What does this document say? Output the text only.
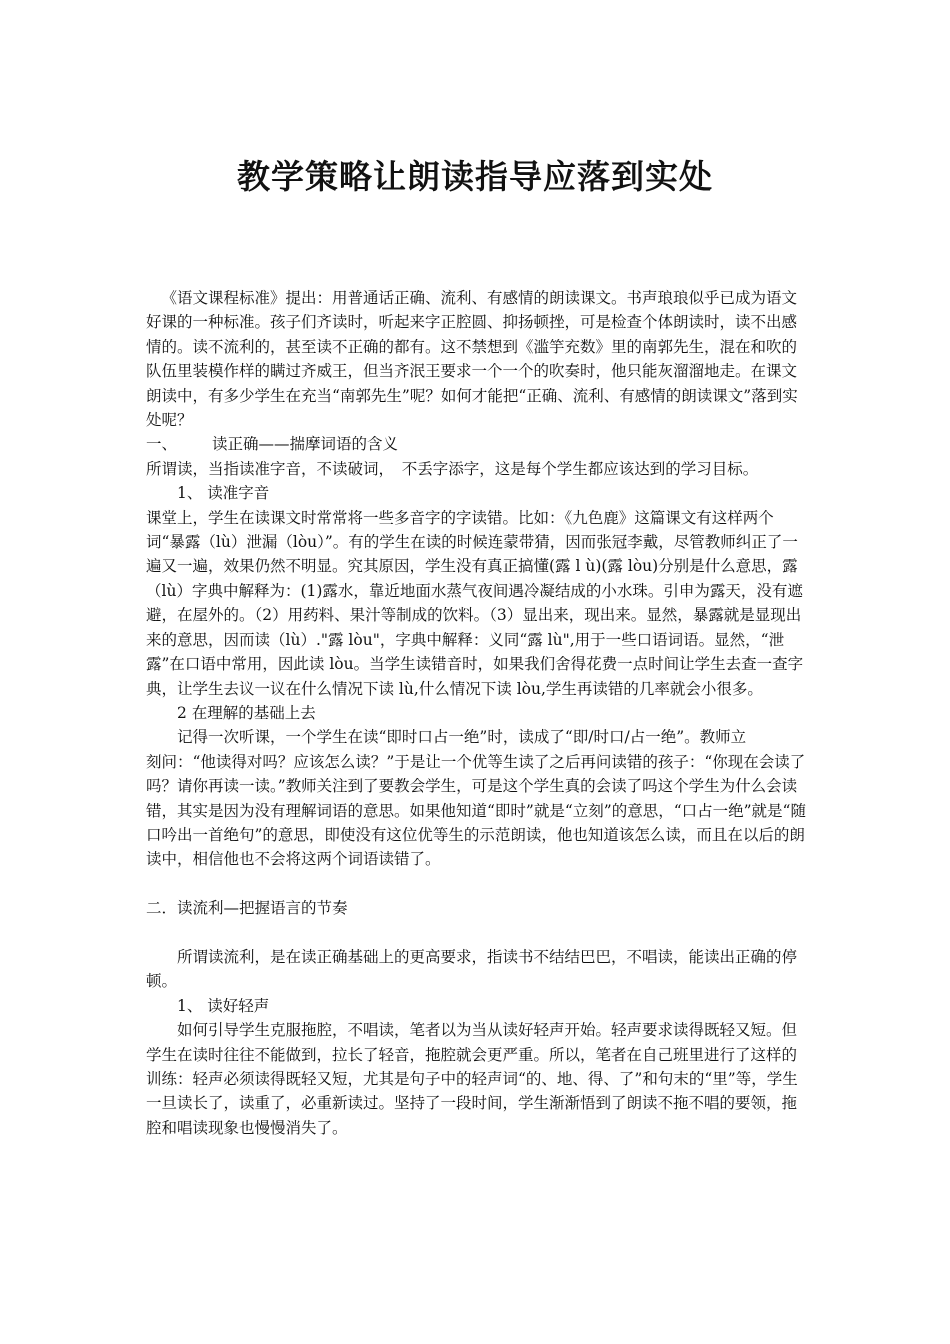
教学策略让朗读指导应落到实处

《语文课程标准》提出：用普通话正确、流利、有感情的朗读课文。书声琅琅似乎已成为语文好课的一种标准。孩子们齐读时，听起来字正腔圆、抑扬顿挫，可是检查个体朗读时，读不出感情的。读不流利的，甚至读不正确的都有。这不禁想到《滥竽充数》里的南郭先生，混在和吹的队伍里装模作样的瞒过齐威王，但当齐泯王要求一个一个的吹奏时，他只能灰溜溜地走。在课文朗读中，有多少学生在充当“南郭先生”呢？如何才能把“正确、流利、有感情的朗读课文”落到实处呢？

一、 读正确——揣摩词语的含义

所谓读，当指读准字音，不读破词，　不丢字添字，这是每个学生都应该达到的学习目标。

1、 读准字音

课堂上，学生在读课文时常常将一些多音字的字读错。比如：《九色鹿》这篇课文有这样两个词“暴露（lù）泄漏（lòu）”。有的学生在读的时候连蒙带猜，因而张冠李戴，尽管教师纠正了一遍又一遍，效果仍然不明显。究其原因，学生没有真正搞懂(露 l ù)(露 lòu)分别是什么意思，露（lù）字典中解释为：(1)露水，靠近地面水蒸气夜间遇冷凝结成的小水珠。引申为露天，没有遮避，在屋外的。（2）用药料、果汁等制成的饮料。（3）显出来，现出来。显然，暴露就是显现出来的意思，因而读（lù）."露 lòu"，字典中解释：义同“露 lù",用于一些口语词语。显然，“泄露”在口语中常用，因此读 lòu。当学生读错音时，如果我们舍得花费一点时间让学生去查一查字典，让学生去议一议在什么情况下读 lù,什么情况下读 lòu,学生再读错的几率就会小很多。

2 在理解的基础上去

记得一次听课，一个学生在读“即时口占一绝”时，读成了“即/时口/占一绝”。教师立

刻问：“他读得对吗？应该怎么读？”于是让一个优等生读了之后再问读错的孩子：“你现在会读了吗？请你再读一读。”教师关注到了要教会学生，可是这个学生真的会读了吗这个学生为什么会读错，其实是因为没有理解词语的意思。如果他知道“即时”就是“立刻”的意思，“口占一绝”就是“随口吟出一首绝句”的意思，即使没有这位优等生的示范朗读，他也知道该怎么读，而且在以后的朗读中，相信他也不会将这两个词语读错了。

二．读流利—把握语言的节奏

所谓读流利，是在读正确基础上的更高要求，指读书不结结巴巴，不唱读，能读出正确的停顿。

1、 读好轻声

如何引导学生克服拖腔，不唱读，笔者以为当从读好轻声开始。轻声要求读得既轻又短。但学生在读时往往不能做到，拉长了轻音，拖腔就会更严重。所以，笔者在自己班里进行了这样的训练：轻声必须读得既轻又短，尤其是句子中的轻声词“的、地、得、了”和句末的“里”等，学生一旦读长了，读重了，必重新读过。坚持了一段时间，学生渐渐悟到了朗读不拖不唱的要领，拖腔和唱读现象也慢慢消失了。
